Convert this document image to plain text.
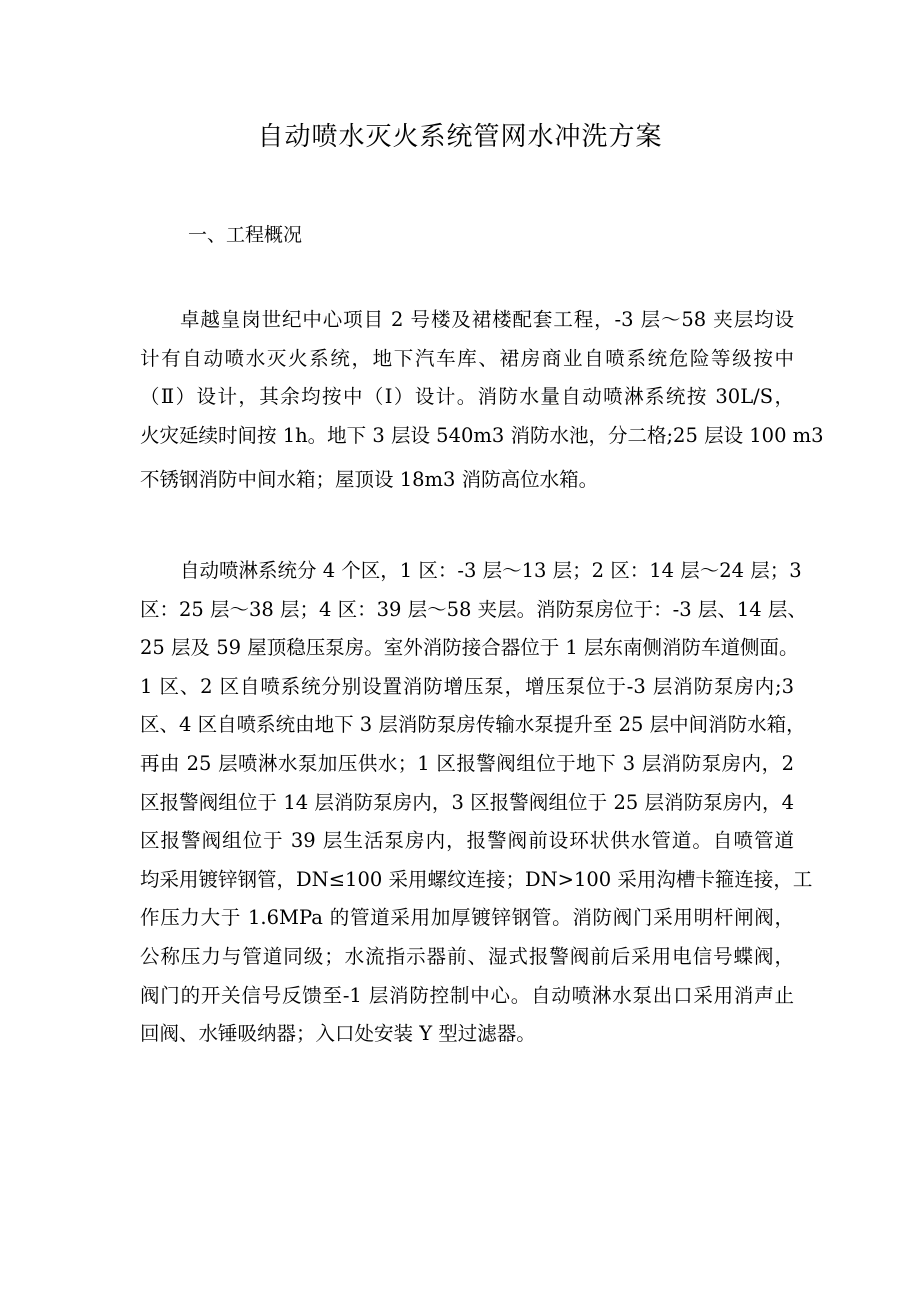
自动喷水灭火系统管网水冲洗方案
一、工程概况
卓越皇岗世纪中心项目 2 号楼及裙楼配套工程，-3 层～58 夹层均设
计有自动喷水灭火系统，地下汽车库、裙房商业自喷系统危险等级按中
（Ⅱ）设计，其余均按中（Ⅰ）设计。消防水量自动喷淋系统按 30L/S，
火灾延续时间按 1h。地下 3 层设 540m3 消防水池，分二格;25 层设 100 m3
不锈钢消防中间水箱；屋顶设 18m3 消防高位水箱。
自动喷淋系统分 4 个区，1 区：-3 层～13 层；2 区：14 层～24 层；3
区：25 层～38 层；4 区：39 层～58 夹层。消防泵房位于：-3 层、14 层、
25 层及 59 屋顶稳压泵房。室外消防接合器位于 1 层东南侧消防车道侧面。
1 区、2 区自喷系统分别设置消防增压泵，增压泵位于-3 层消防泵房内;3
区、4 区自喷系统由地下 3 层消防泵房传输水泵提升至 25 层中间消防水箱，
再由 25 层喷淋水泵加压供水；1 区报警阀组位于地下 3 层消防泵房内，2
区报警阀组位于 14 层消防泵房内，3 区报警阀组位于 25 层消防泵房内，4
区报警阀组位于 39 层生活泵房内，报警阀前设环状供水管道。自喷管道
均采用镀锌钢管，DN≤100 采用螺纹连接；DN>100 采用沟槽卡箍连接，工
作压力大于 1.6MPa 的管道采用加厚镀锌钢管。消防阀门采用明杆闸阀，
公称压力与管道同级；水流指示器前、湿式报警阀前后采用电信号蝶阀，
阀门的开关信号反馈至-1 层消防控制中心。自动喷淋水泵出口采用消声止
回阀、水锤吸纳器；入口处安装 Y 型过滤器。
